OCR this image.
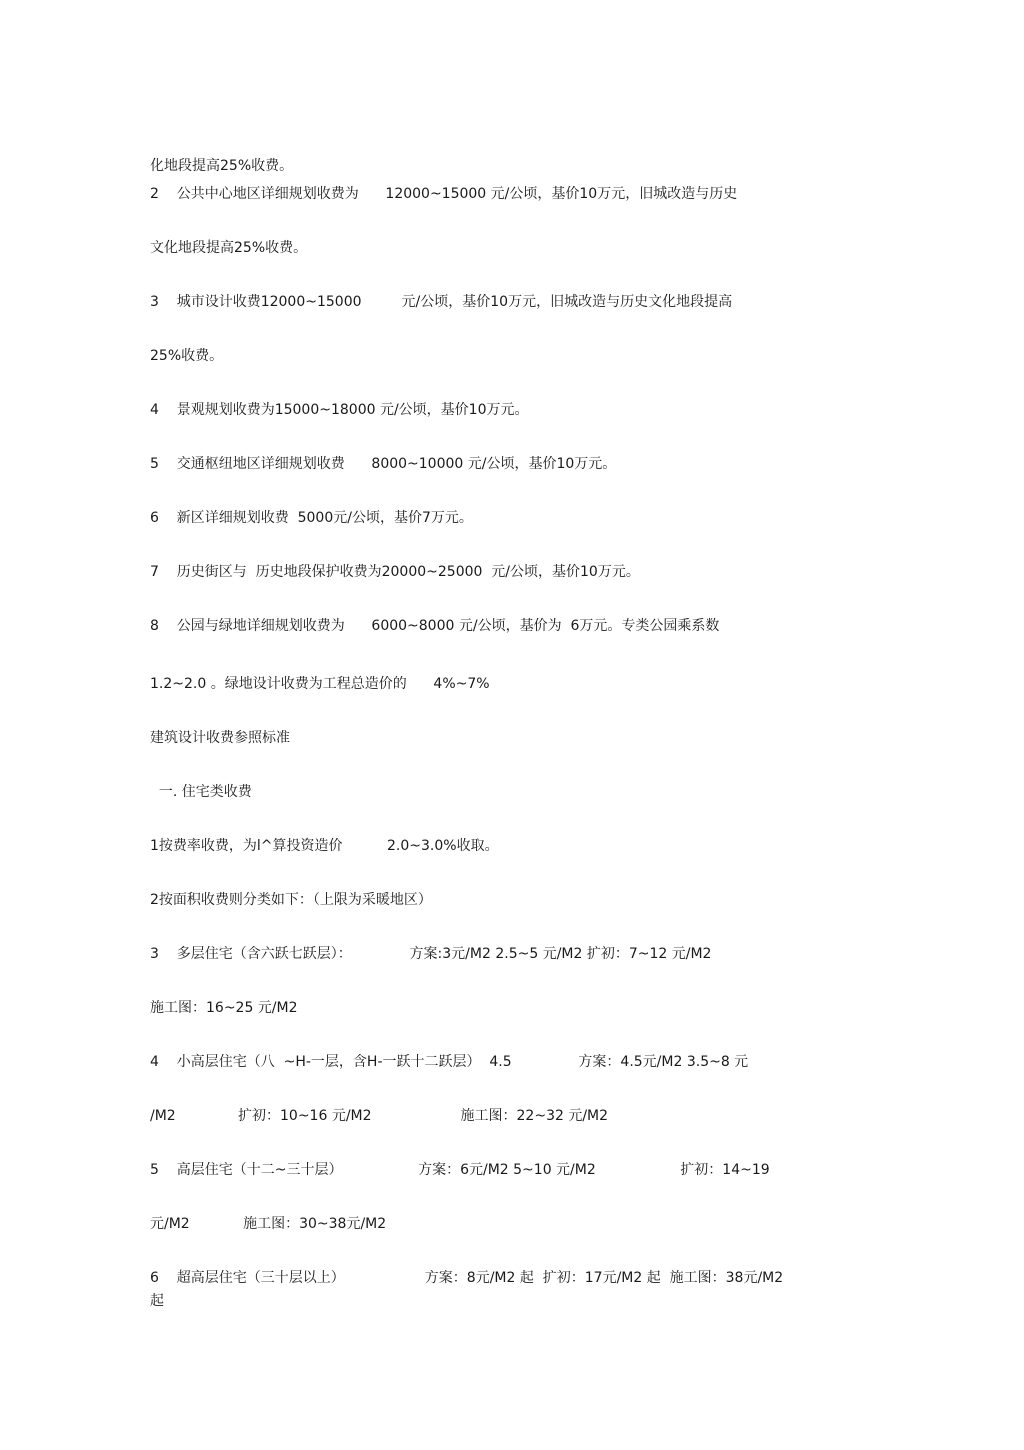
化地段提高25%收费。
2    公共中心地区详细规划收费为      12000~15000 元/公顷，基价10万元，旧城改造与历史
文化地段提高25%收费。
3    城市设计收费12000~15000         元/公顷，基价10万元，旧城改造与历史文化地段提高
25%收费。
4    景观规划收费为15000~18000 元/公顷，基价10万元。
5    交通枢纽地区详细规划收费      8000~10000 元/公顷，基价10万元。
6    新区详细规划收费  5000元/公顷，基价7万元。
7    历史街区与  历史地段保护收费为20000~25000  元/公顷，基价10万元。
8    公园与绿地详细规划收费为      6000~8000 元/公顷，基价为  6万元。专类公园乘系数
1.2~2.0 。绿地设计收费为工程总造价的      4%~7%
建筑设计收费参照标准
一. 住宅类收费
1按费率收费，为l^算投资造价          2.0~3.0%收取。
2按面积收费则分类如下：（上限为采暖地区）
3    多层住宅（含六跃七跃层）：             方案:3元/M2 2.5~5 元/M2 扩初：7~12 元/M2
施工图：16~25 元/M2
4    小高层住宅（八  ~H-一层，含H-一跃十二跃层）  4.5               方案：4.5元/M2 3.5~8 元
/M2              扩初：10~16 元/M2                    施工图：22~32 元/M2
5    高层住宅（十二~三十层）                 方案：6元/M2 5~10 元/M2                   扩初：14~19
元/M2            施工图：30~38元/M2
6    超高层住宅（三十层以上）                  方案：8元/M2 起  扩初：17元/M2 起  施工图：38元/M2
起
